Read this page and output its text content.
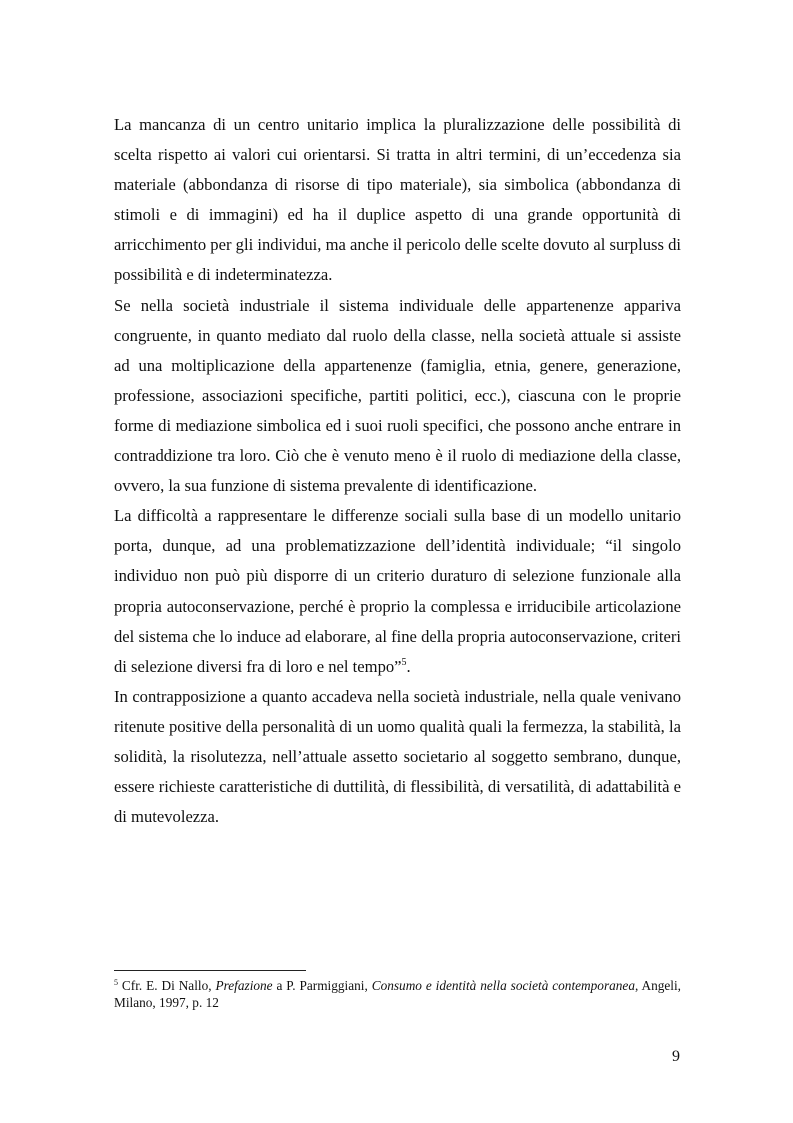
La mancanza di un centro unitario implica la pluralizzazione delle possibilità di scelta rispetto ai valori cui orientarsi. Si tratta in altri termini, di un’eccedenza sia materiale (abbondanza di risorse di tipo materiale), sia simbolica (abbondanza di stimoli e di immagini) ed ha il duplice aspetto di una grande opportunità di arricchimento per gli individui, ma anche il pericolo delle scelte dovuto al surpluss di possibilità e di indeterminatezza.

Se nella società industriale il sistema individuale delle appartenenze appariva congruente, in quanto mediato dal ruolo della classe, nella società attuale si assiste ad una moltiplicazione della appartenenze (famiglia, etnia, genere, generazione, professione, associazioni specifiche, partiti politici, ecc.), ciascuna con le proprie forme di mediazione simbolica ed i suoi ruoli specifici, che possono anche entrare in contraddizione tra loro. Ciò che è venuto meno è il ruolo di mediazione della classe, ovvero, la sua funzione di sistema prevalente di identificazione.

La difficoltà a rappresentare le differenze sociali sulla base di un modello unitario porta, dunque, ad una problematizzazione dell’identità individuale; “il singolo individuo non può più disporre di un criterio duraturo di selezione funzionale alla propria autoconservazione, perché è proprio la complessa e irriducibile articolazione del sistema che lo induce ad elaborare, al fine della propria autoconservazione, criteri di selezione diversi fra di loro e nel tempo”$^5$.

In contrapposizione a quanto accadeva nella società industriale, nella quale venivano ritenute positive della personalità di un uomo qualità quali la fermezza, la stabilità, la solidità, la risolutezza, nell’attuale assetto societario al soggetto sembrano, dunque, essere richieste caratteristiche di duttilità, di flessibilità, di versatilità, di adattabilità e di mutevolezza.

$^5$ Cfr. E. Di Nallo, Prefazione a P. Parmiggiani, Consumo e identità nella società contemporanea, Angeli, Milano, 1997, p. 12

9
